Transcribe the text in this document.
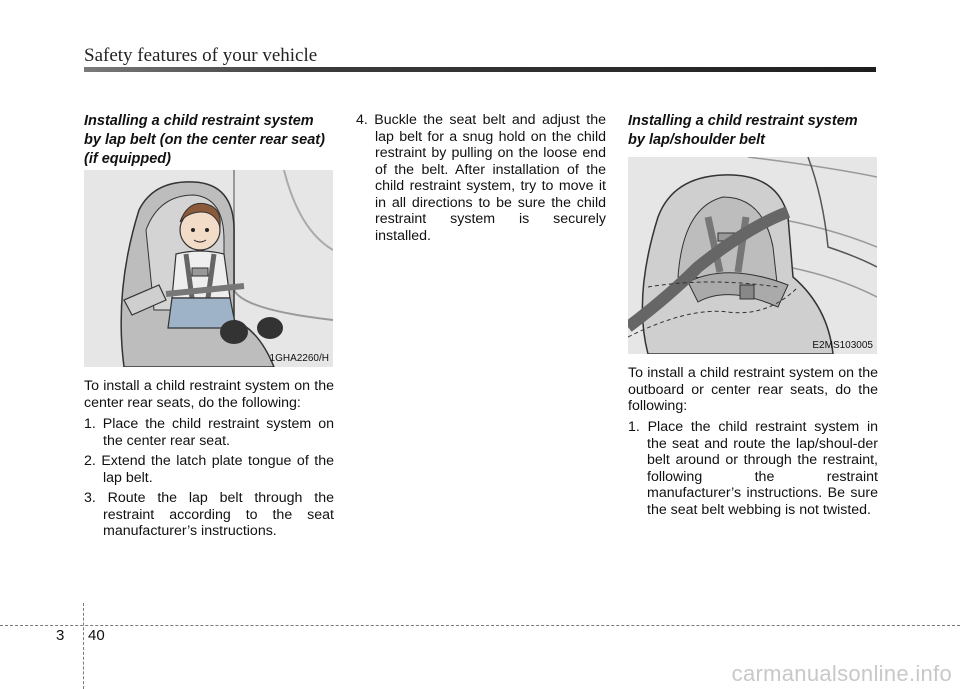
Safety features of your vehicle
Installing a child restraint system
by lap belt (on the center rear seat)
(if equipped)
1GHA2260/H
To install a child restraint system on the center rear seats, do the following:
1. Place the child restraint system on the center rear seat.
2. Extend the latch plate tongue of the lap belt.
3. Route the lap belt through the restraint according to the seat manufacturer’s instructions.
4. Buckle the seat belt and adjust the lap belt for a snug hold on the child restraint by pulling on the loose end of the belt. After installation of the child restraint system, try to move it in all directions to be sure the child restraint system is securely installed.
Installing a child restraint system
by lap/shoulder belt
E2MS103005
To install a child restraint system on the outboard or center rear seats, do the following:
1. Place the child restraint system in the seat and route the lap/shoul-der belt around or through the restraint, following the restraint manufacturer’s instructions. Be sure the seat belt webbing is not twisted.
3 40
carmanualsonline.info
